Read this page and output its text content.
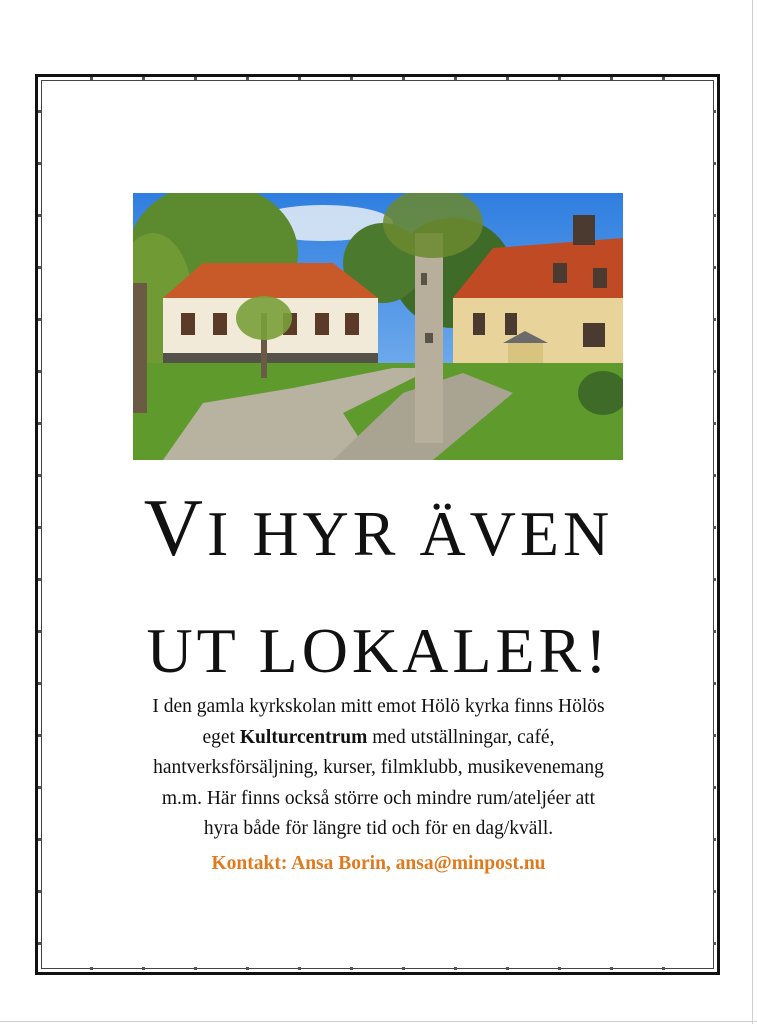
VI HYR ÄVEN
UT LOKALER!
I den gamla kyrkskolan mitt emot Hölö kyrka finns Hölös
eget Kulturcentrum med utställningar, café,
hantverksförsäljning, kurser, filmklubb, musikevenemang
m.m. Här finns också större och mindre rum/ateljéer att
hyra både för längre tid och för en dag/kväll.
Kontakt: Ansa Borin, ansa@minpost.nu
